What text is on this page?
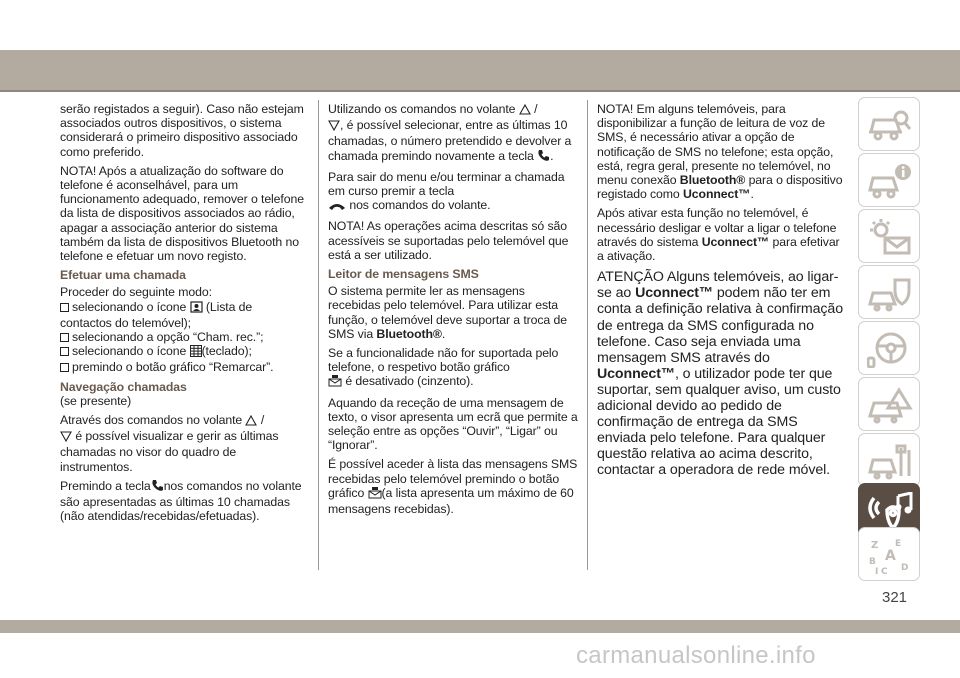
serão registados a seguir). Caso não estejam associados outros dispositivos, o sistema considerará o primeiro dispositivo associado como preferido.

NOTA! Após a atualização do software do telefone é aconselhável, para um funcionamento adequado, remover o telefone da lista de dispositivos associados ao rádio, apagar a associação anterior do sistema também da lista de dispositivos Bluetooth no telefone e efetuar um novo registo.

Efetuar uma chamada

Proceder do seguinte modo:

selecionando o ícone (Lista de contactos do telemóvel);
selecionando a opção “Cham. rec.”;
selecionando o ícone (teclado);
premindo o botão gráfico “Remarcar”.
Navegação chamadas

(se presente)

Através dos comandos no volante /
é possível visualizar e gerir as últimas chamadas no visor do quadro de instrumentos.

Premindo a tecla nos comandos no volante são apresentadas as últimas 10 chamadas (não atendidas/recebidas/efetuadas).

Utilizando os comandos no volante /
, é possível selecionar, entre as últimas 10 chamadas, o número pretendido e devolver a chamada premindo novamente a tecla .

Para sair do menu e/ou terminar a chamada em curso premir a tecla
nos comandos do volante.

NOTA! As operações acima descritas só são acessíveis se suportadas pelo telemóvel que está a ser utilizado.

Leitor de mensagens SMS

O sistema permite ler as mensagens recebidas pelo telemóvel. Para utilizar esta função, o telemóvel deve suportar a troca de SMS via Bluetooth®.

Se a funcionalidade não for suportada pelo telefone, o respetivo botão gráfico
é desativado (cinzento).

Aquando da receção de uma mensagem de texto, o visor apresenta um ecrã que permite a seleção entre as opções “Ouvir”, “Ligar” ou “Ignorar”.

É possível aceder à lista das mensagens SMS recebidas pelo telemóvel premindo o botão gráfico (a lista apresenta um máximo de 60 mensagens recebidas).

NOTA! Em alguns telemóveis, para disponibilizar a função de leitura de voz de SMS, é necessário ativar a opção de notificação de SMS no telefone; esta opção, está, regra geral, presente no telemóvel, no menu conexão Bluetooth® para o dispositivo registado como Uconnect™.

Após ativar esta função no telemóvel, é necessário desligar e voltar a ligar o telefone através do sistema Uconnect™ para efetivar a ativação.

ATENÇÃO Alguns telemóveis, ao ligar-se ao Uconnect™ podem não ter em conta a definição relativa à confirmação de entrega da SMS configurada no telefone. Caso seja enviada uma mensagem SMS através do Uconnect™, o utilizador pode ter que suportar, sem qualquer aviso, um custo adicional devido ao pedido de confirmação de entrega da SMS enviada pelo telefone. Para qualquer questão relativa ao acima descrito, contactar a operadora de rede móvel.

Z E
A
B
I C D
321
carmanualsonline.info
